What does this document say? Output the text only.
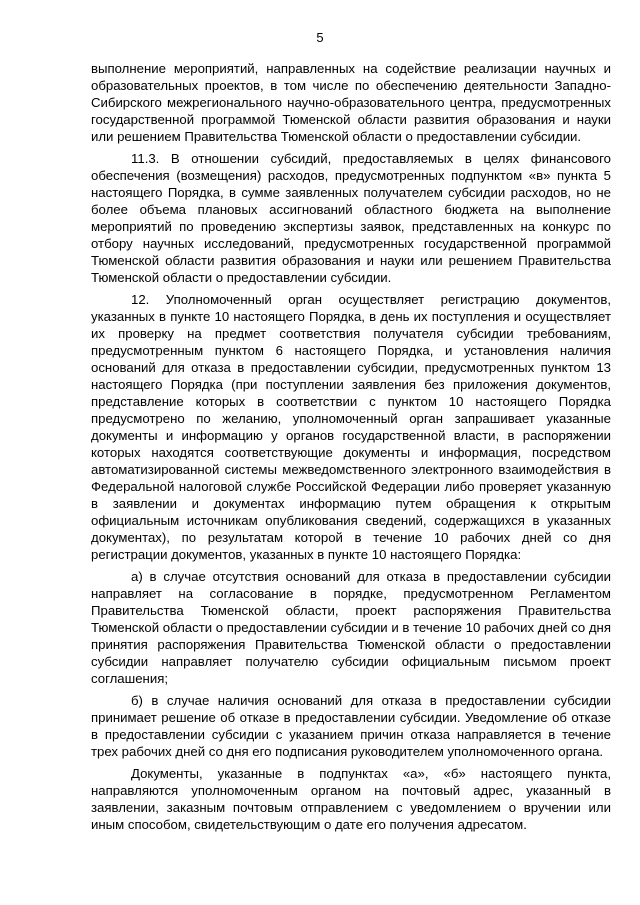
5

выполнение мероприятий, направленных на содействие реализации научных и образовательных проектов, в том числе по обеспечению деятельности Западно-Сибирского межрегионального научно-образовательного центра, предусмотренных государственной программой Тюменской области развития образования и науки или решением Правительства Тюменской области о предоставлении субсидии.

11.3. В отношении субсидий, предоставляемых в целях финансового обеспечения (возмещения) расходов, предусмотренных подпунктом «в» пункта 5 настоящего Порядка, в сумме заявленных получателем субсидии расходов, но не более объема плановых ассигнований областного бюджета на выполнение мероприятий по проведению экспертизы заявок, представленных на конкурс по отбору научных исследований, предусмотренных государственной программой Тюменской области развития образования и науки или решением Правительства Тюменской области о предоставлении субсидии.

12. Уполномоченный орган осуществляет регистрацию документов, указанных в пункте 10 настоящего Порядка, в день их поступления и осуществляет их проверку на предмет соответствия получателя субсидии требованиям, предусмотренным пунктом 6 настоящего Порядка, и установления наличия оснований для отказа в предоставлении субсидии, предусмотренных пунктом 13 настоящего Порядка (при поступлении заявления без приложения документов, представление которых в соответствии с пунктом 10 настоящего Порядка предусмотрено по желанию, уполномоченный орган запрашивает указанные документы и информацию у органов государственной власти, в распоряжении которых находятся соответствующие документы и информация, посредством автоматизированной системы межведомственного электронного взаимодействия в Федеральной налоговой службе Российской Федерации либо проверяет указанную в заявлении и документах информацию путем обращения к открытым официальным источникам опубликования сведений, содержащихся в указанных документах), по результатам которой в течение 10 рабочих дней со дня регистрации документов, указанных в пункте 10 настоящего Порядка:

а) в случае отсутствия оснований для отказа в предоставлении субсидии направляет на согласование в порядке, предусмотренном Регламентом Правительства Тюменской области, проект распоряжения Правительства Тюменской области о предоставлении субсидии и в течение 10 рабочих дней со дня принятия распоряжения Правительства Тюменской области о предоставлении субсидии направляет получателю субсидии официальным письмом проект соглашения;

б) в случае наличия оснований для отказа в предоставлении субсидии принимает решение об отказе в предоставлении субсидии. Уведомление об отказе в предоставлении субсидии с указанием причин отказа направляется в течение трех рабочих дней со дня его подписания руководителем уполномоченного органа.

Документы, указанные в подпунктах «а», «б» настоящего пункта, направляются уполномоченным органом на почтовый адрес, указанный в заявлении, заказным почтовым отправлением с уведомлением о вручении или иным способом, свидетельствующим о дате его получения адресатом.
